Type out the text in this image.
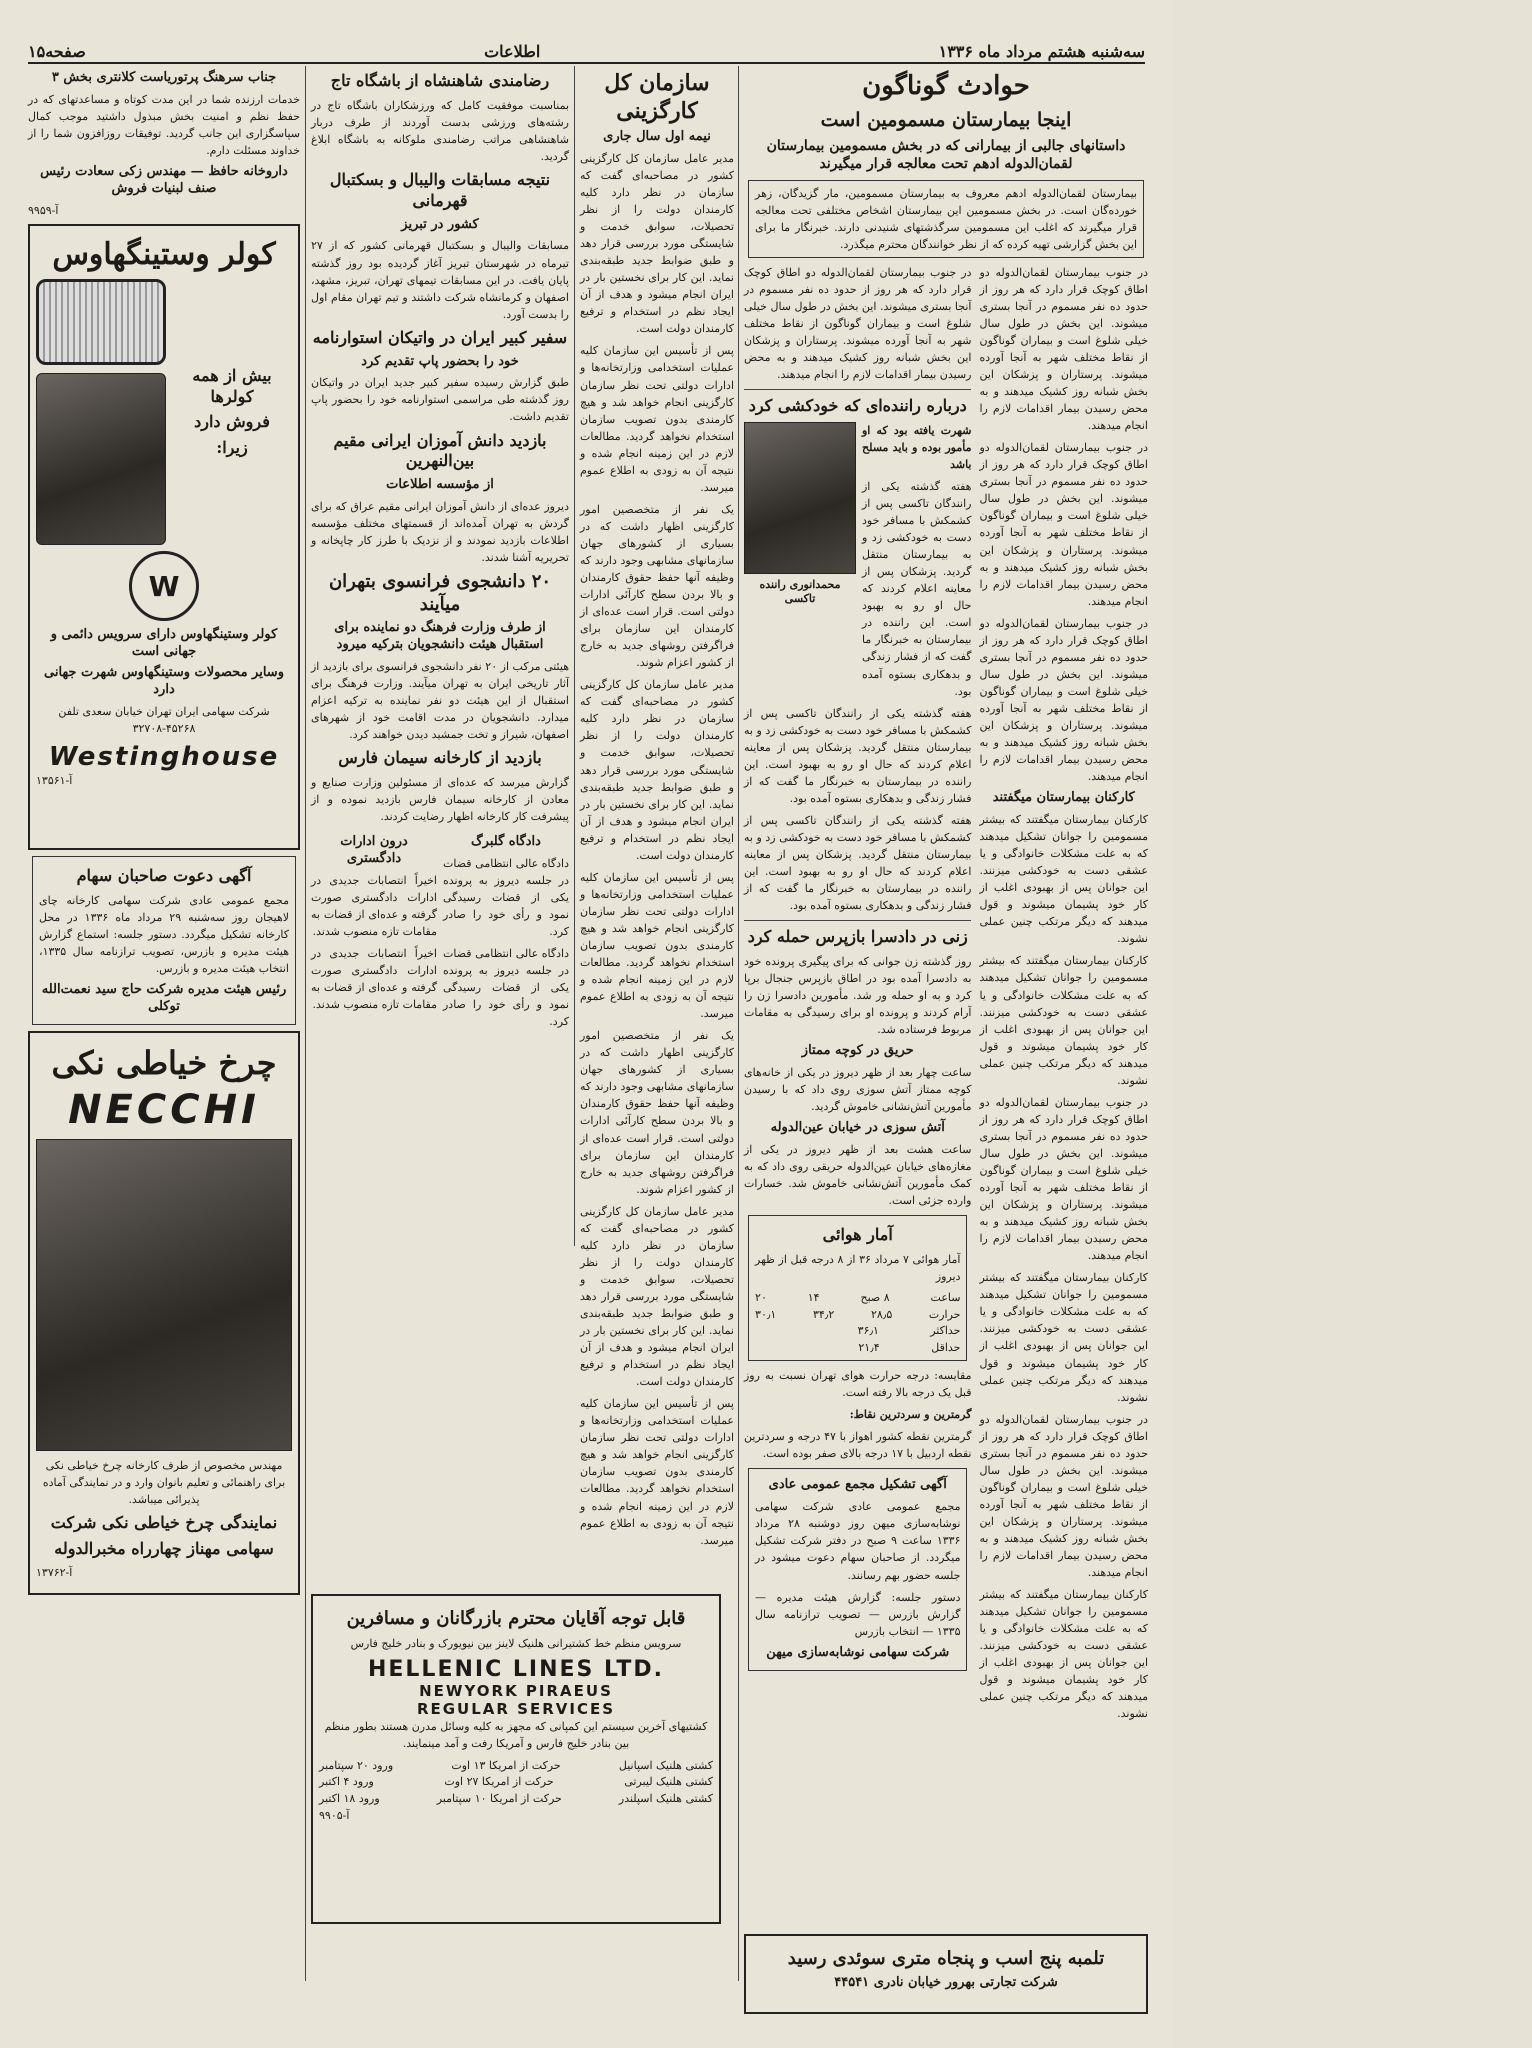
صفحه۱۵	اطلاعات	سه‌شنبه هشتم مرداد ماه ۱۳۳۶
حوادث گوناگون
اینجا بیمارستان مسمومین است
داستانهای جالبی از بیمارانی که در بخش مسمومین بیمارستان لقمان‌الدوله ادهم تحت معالجه قرار میگیرند
بیمارستان لقمان‌الدوله ادهم معروف به بیمارستان مسمومین، مار گزیدگان، زهر خورده‌گان است. در بخش مسمومین این بیمارستان اشخاص مختلفی تحت معالجه قرار میگیرند که اغلب این مسمومین سرگذشتهای شنیدنی دارند. خبرنگار ما برای این بخش گزارشی تهیه کرده که از نظر خوانندگان محترم میگذرد.

در جنوب بیمارستان لقمان‌الدوله دو اطاق کوچک قرار دارد که هر روز از حدود ده نفر مسموم در آنجا بستری میشوند. این بخش در طول سال خیلی شلوغ است و بیماران گوناگون از نقاط مختلف شهر به آنجا آورده میشوند. پرستاران و پزشکان این بخش شبانه روز کشیک میدهند و به محض رسیدن بیمار اقدامات لازم را انجام میدهند.

در جنوب بیمارستان لقمان‌الدوله دو اطاق کوچک قرار دارد که هر روز از حدود ده نفر مسموم در آنجا بستری میشوند. این بخش در طول سال خیلی شلوغ است و بیماران گوناگون از نقاط مختلف شهر به آنجا آورده میشوند. پرستاران و پزشکان این بخش شبانه روز کشیک میدهند و به محض رسیدن بیمار اقدامات لازم را انجام میدهند.

در جنوب بیمارستان لقمان‌الدوله دو اطاق کوچک قرار دارد که هر روز از حدود ده نفر مسموم در آنجا بستری میشوند. این بخش در طول سال خیلی شلوغ است و بیماران گوناگون از نقاط مختلف شهر به آنجا آورده میشوند. پرستاران و پزشکان این بخش شبانه روز کشیک میدهند و به محض رسیدن بیمار اقدامات لازم را انجام میدهند.

کارکنان بیمارستان میگفتند

کارکنان بیمارستان میگفتند که بیشتر مسمومین را جوانان تشکیل میدهند که به علت مشکلات خانوادگی و یا عشقی دست به خودکشی میزنند. این جوانان پس از بهبودی اغلب از کار خود پشیمان میشوند و قول میدهند که دیگر مرتکب چنین عملی نشوند.

کارکنان بیمارستان میگفتند که بیشتر مسمومین را جوانان تشکیل میدهند که به علت مشکلات خانوادگی و یا عشقی دست به خودکشی میزنند. این جوانان پس از بهبودی اغلب از کار خود پشیمان میشوند و قول میدهند که دیگر مرتکب چنین عملی نشوند.

در جنوب بیمارستان لقمان‌الدوله دو اطاق کوچک قرار دارد که هر روز از حدود ده نفر مسموم در آنجا بستری میشوند. این بخش در طول سال خیلی شلوغ است و بیماران گوناگون از نقاط مختلف شهر به آنجا آورده میشوند. پرستاران و پزشکان این بخش شبانه روز کشیک میدهند و به محض رسیدن بیمار اقدامات لازم را انجام میدهند.

کارکنان بیمارستان میگفتند که بیشتر مسمومین را جوانان تشکیل میدهند که به علت مشکلات خانوادگی و یا عشقی دست به خودکشی میزنند. این جوانان پس از بهبودی اغلب از کار خود پشیمان میشوند و قول میدهند که دیگر مرتکب چنین عملی نشوند.

در جنوب بیمارستان لقمان‌الدوله دو اطاق کوچک قرار دارد که هر روز از حدود ده نفر مسموم در آنجا بستری میشوند. این بخش در طول سال خیلی شلوغ است و بیماران گوناگون از نقاط مختلف شهر به آنجا آورده میشوند. پرستاران و پزشکان این بخش شبانه روز کشیک میدهند و به محض رسیدن بیمار اقدامات لازم را انجام میدهند.

کارکنان بیمارستان میگفتند که بیشتر مسمومین را جوانان تشکیل میدهند که به علت مشکلات خانوادگی و یا عشقی دست به خودکشی میزنند. این جوانان پس از بهبودی اغلب از کار خود پشیمان میشوند و قول میدهند که دیگر مرتکب چنین عملی نشوند.

در جنوب بیمارستان لقمان‌الدوله دو اطاق کوچک قرار دارد که هر روز از حدود ده نفر مسموم در آنجا بستری میشوند. این بخش در طول سال خیلی شلوغ است و بیماران گوناگون از نقاط مختلف شهر به آنجا آورده میشوند. پرستاران و پزشکان این بخش شبانه روز کشیک میدهند و به محض رسیدن بیمار اقدامات لازم را انجام میدهند.

درباره راننده‌ای که خودکشی کرد

شهرت یافته بود که او مأمور بوده و باید مسلح باشد

هفته گذشته یکی از رانندگان تاکسی پس از کشمکش با مسافر خود دست به خودکشی زد و به بیمارستان منتقل گردید. پزشکان پس از معاینه اعلام کردند که حال او رو به بهبود است. این راننده در بیمارستان به خبرنگار ما گفت که از فشار زندگی و بدهکاری بستوه آمده بود.

محمدانوری راننده تاکسی

هفته گذشته یکی از رانندگان تاکسی پس از کشمکش با مسافر خود دست به خودکشی زد و به بیمارستان منتقل گردید. پزشکان پس از معاینه اعلام کردند که حال او رو به بهبود است. این راننده در بیمارستان به خبرنگار ما گفت که از فشار زندگی و بدهکاری بستوه آمده بود.

هفته گذشته یکی از رانندگان تاکسی پس از کشمکش با مسافر خود دست به خودکشی زد و به بیمارستان منتقل گردید. پزشکان پس از معاینه اعلام کردند که حال او رو به بهبود است. این راننده در بیمارستان به خبرنگار ما گفت که از فشار زندگی و بدهکاری بستوه آمده بود.

زنی در دادسرا بازپرس حمله کرد

روز گذشته زن جوانی که برای پیگیری پرونده خود به دادسرا آمده بود در اطاق بازپرس جنجال برپا کرد و به او حمله ور شد. مأمورین دادسرا زن را آرام کردند و پرونده او برای رسیدگی به مقامات مربوط فرستاده شد.

حریق در کوچه ممتاز

ساعت چهار بعد از ظهر دیروز در یکی از خانه‌های کوچه ممتاز آتش سوزی روی داد که با رسیدن مأمورین آتش‌نشانی خاموش گردید.

آتش سوزی در خیابان عین‌الدوله

ساعت هشت بعد از ظهر دیروز در یکی از مغازه‌های خیابان عین‌الدوله حریقی روی داد که به کمک مأمورین آتش‌نشانی خاموش شد. خسارات وارده جزئی است.

آمار هوائی
آمار هوائی ۷ مرداد ۳۶ از ۸ درجه قبل از ظهر دیروز
ساعت
۸ صبح
۱۴
۲۰
حرارت
۲۸٫۵
۳۴٫۲
۳۰٫۱
حداکثر
۳۶٫۱
حداقل
۲۱٫۴

مقایسه: درجه حرارت هوای تهران نسبت به روز قبل یک درجه بالا رفته است.

گرمترین و سردترین نقاط:

گرمترین نقطه کشور اهواز با ۴۷ درجه و سردترین نقطه اردبیل با ۱۷ درجه بالای صفر بوده است.

آگهی تشکیل مجمع عمومی عادی

مجمع عمومی عادی شرکت سهامی نوشابه‌سازی میهن روز دوشنبه ۲۸ مرداد ۱۳۳۶ ساعت ۹ صبح در دفتر شرکت تشکیل میگردد. از صاحبان سهام دعوت میشود در جلسه حضور بهم رسانند.

دستور جلسه: گزارش هیئت مدیره — گزارش بازرس — تصویب ترازنامه سال ۱۳۳۵ — انتخاب بازرس

شرکت سهامی نوشابه‌سازی میهن
سازمان کل کارگزینی
نیمه اول سال جاری

مدیر عامل سازمان کل کارگزینی کشور در مصاحبه‌ای گفت که سازمان در نظر دارد کلیه کارمندان دولت را از نظر تحصیلات، سوابق خدمت و شایستگی مورد بررسی قرار دهد و طبق ضوابط جدید طبقه‌بندی نماید. این کار برای نخستین بار در ایران انجام میشود و هدف از آن ایجاد نظم در استخدام و ترفیع کارمندان دولت است.

پس از تأسیس این سازمان کلیه عملیات استخدامی وزارتخانه‌ها و ادارات دولتی تحت نظر سازمان کارگزینی انجام خواهد شد و هیچ کارمندی بدون تصویب سازمان استخدام نخواهد گردید. مطالعات لازم در این زمینه انجام شده و نتیجه آن به زودی به اطلاع عموم میرسد.

یک نفر از متخصصین امور کارگزینی اظهار داشت که در بسیاری از کشورهای جهان سازمانهای مشابهی وجود دارند که وظیفه آنها حفظ حقوق کارمندان و بالا بردن سطح کارآئی ادارات دولتی است. قرار است عده‌ای از کارمندان این سازمان برای فراگرفتن روشهای جدید به خارج از کشور اعزام شوند.

مدیر عامل سازمان کل کارگزینی کشور در مصاحبه‌ای گفت که سازمان در نظر دارد کلیه کارمندان دولت را از نظر تحصیلات، سوابق خدمت و شایستگی مورد بررسی قرار دهد و طبق ضوابط جدید طبقه‌بندی نماید. این کار برای نخستین بار در ایران انجام میشود و هدف از آن ایجاد نظم در استخدام و ترفیع کارمندان دولت است.

پس از تأسیس این سازمان کلیه عملیات استخدامی وزارتخانه‌ها و ادارات دولتی تحت نظر سازمان کارگزینی انجام خواهد شد و هیچ کارمندی بدون تصویب سازمان استخدام نخواهد گردید. مطالعات لازم در این زمینه انجام شده و نتیجه آن به زودی به اطلاع عموم میرسد.

یک نفر از متخصصین امور کارگزینی اظهار داشت که در بسیاری از کشورهای جهان سازمانهای مشابهی وجود دارند که وظیفه آنها حفظ حقوق کارمندان و بالا بردن سطح کارآئی ادارات دولتی است. قرار است عده‌ای از کارمندان این سازمان برای فراگرفتن روشهای جدید به خارج از کشور اعزام شوند.

مدیر عامل سازمان کل کارگزینی کشور در مصاحبه‌ای گفت که سازمان در نظر دارد کلیه کارمندان دولت را از نظر تحصیلات، سوابق خدمت و شایستگی مورد بررسی قرار دهد و طبق ضوابط جدید طبقه‌بندی نماید. این کار برای نخستین بار در ایران انجام میشود و هدف از آن ایجاد نظم در استخدام و ترفیع کارمندان دولت است.

پس از تأسیس این سازمان کلیه عملیات استخدامی وزارتخانه‌ها و ادارات دولتی تحت نظر سازمان کارگزینی انجام خواهد شد و هیچ کارمندی بدون تصویب سازمان استخدام نخواهد گردید. مطالعات لازم در این زمینه انجام شده و نتیجه آن به زودی به اطلاع عموم میرسد.

رضامندی شاهنشاه از باشگاه تاج

بمناسبت موفقیت کامل که ورزشکاران باشگاه تاج در رشته‌های ورزشی بدست آوردند از طرف دربار شاهنشاهی مراتب رضامندی ملوکانه به باشگاه ابلاغ گردید.

نتیجه مسابقات والیبال و بسکتبال قهرمانی
کشور در تبریز

مسابقات والیبال و بسکتبال قهرمانی کشور که از ۲۷ تیرماه در شهرستان تبریز آغاز گردیده بود روز گذشته پایان یافت. در این مسابقات تیمهای تهران، تبریز، مشهد، اصفهان و کرمانشاه شرکت داشتند و تیم تهران مقام اول را بدست آورد.

سفیر کبیر ایران در واتیکان استوارنامه
خود را بحضور پاپ تقدیم کرد

طبق گزارش رسیده سفیر کبیر جدید ایران در واتیکان روز گذشته طی مراسمی استوارنامه خود را بحضور پاپ تقدیم داشت.

بازدید دانش آموزان ایرانی مقیم بین‌النهرین
از مؤسسه اطلاعات

دیروز عده‌ای از دانش آموزان ایرانی مقیم عراق که برای گردش به تهران آمده‌اند از قسمتهای مختلف مؤسسه اطلاعات بازدید نمودند و از نزدیک با طرز کار چاپخانه و تحریریه آشنا شدند.

۲۰ دانشجوی فرانسوی بتهران میآیند
از طرف وزارت فرهنگ دو نماینده برای استقبال هیئت دانشجویان بترکیه میرود

هیئتی مرکب از ۲۰ نفر دانشجوی فرانسوی برای بازدید از آثار تاریخی ایران به تهران میآیند. وزارت فرهنگ برای استقبال از این هیئت دو نفر نماینده به ترکیه اعزام میدارد. دانشجویان در مدت اقامت خود از شهرهای اصفهان، شیراز و تخت جمشید دیدن خواهند کرد.

بازدید از کارخانه سیمان فارس

گزارش میرسد که عده‌ای از مسئولین وزارت صنایع و معادن از کارخانه سیمان فارس بازدید نموده و از پیشرفت کار کارخانه اظهار رضایت کردند.

دادگاه گلبرگ

دادگاه عالی انتظامی قضات در جلسه دیروز به پرونده یکی از قضات رسیدگی نمود و رأی خود را صادر کرد.

دادگاه عالی انتظامی قضات در جلسه دیروز به پرونده یکی از قضات رسیدگی نمود و رأی خود را صادر کرد.

درون ادارات دادگستری

اخیراً انتصابات جدیدی در ادارات دادگستری صورت گرفته و عده‌ای از قضات به مقامات تازه منصوب شدند.

اخیراً انتصابات جدیدی در ادارات دادگستری صورت گرفته و عده‌ای از قضات به مقامات تازه منصوب شدند.

قابل توجه آقایان محترم بازرگانان و مسافرین
سرویس منظم خط کشتیرانی هلنیک لاینز بین نیویورک و بنادر خلیج فارس
HELLENIC LINES LTD.
NEWYORK PIRAEUS
REGULAR SERVICES

کشتیهای آخرین سیستم این کمپانی که مجهز به کلیه وسائل مدرن هستند بطور منظم بین بنادر خلیج فارس و آمریکا رفت و آمد مینمایند.

کشتی هلنیک اسپانیل
حرکت از امریکا ۱۳ اوت
ورود ۲۰ سپتامبر
کشتی هلنیک لیبرتی
حرکت از امریکا ۲۷ اوت
ورود ۴ اکتبر
کشتی هلنیک اسپلندر
حرکت از امریکا ۱۰ سپتامبر
ورود ۱۸ اکتبر
آ-۹۹۰۵
تلمبه پنج اسب و پنجاه متری سوئدی رسید
شرکت تجارتی بهرور خیابان نادری ۴۴۵۴۱
جناب سرهنگ پرتوریاست کلانتری بخش ۳

خدمات ارزنده شما در این مدت کوتاه و مساعدتهای که در حفظ نظم و امنیت بخش مبذول داشتید موجب کمال سپاسگزاری این جانب گردید. توفیقات روزافزون شما را از خداوند مسئلت دارم.

داروخانه حافظ — مهندس زکی سعادت رئیس صنف لبنیات فروش
آ-۹۹۵۹
کولر وستینگهاوس
بیش از همه کولرها
فروش دارد
زیرا:
W
کولر وستینگهاوس دارای سرویس دائمی و جهانی است
وسایر محصولات وستینگهاوس شهرت جهانی دارد
شرکت سهامی ایران تهران خیابان سعدی تلفن ۴۵۲۶۸-۳۲۷۰۸
Westinghouse
آ-۱۳۵۶۱
آگهی دعوت صاحبان سهام

مجمع عمومی عادی شرکت سهامی کارخانه چای لاهیجان روز سه‌شنبه ۲۹ مرداد ماه ۱۳۳۶ در محل کارخانه تشکیل میگردد. دستور جلسه: استماع گزارش هیئت مدیره و بازرس، تصویب ترازنامه سال ۱۳۳۵، انتخاب هیئت مدیره و بازرس.

رئیس هیئت مدیره شرکت حاج سید نعمت‌الله توکلی
چرخ خیاطی نکی
NECCHI

مهندس مخصوص از طرف کارخانه چرخ خیاطی نکی برای راهنمائی و تعلیم بانوان وارد و در نمایندگی آماده پذیرائی میباشد.

نمایندگی چرخ خیاطی نکی شرکت
سهامی مهناز چهارراه مخبرالدوله
آ-۱۳۷۶۲
